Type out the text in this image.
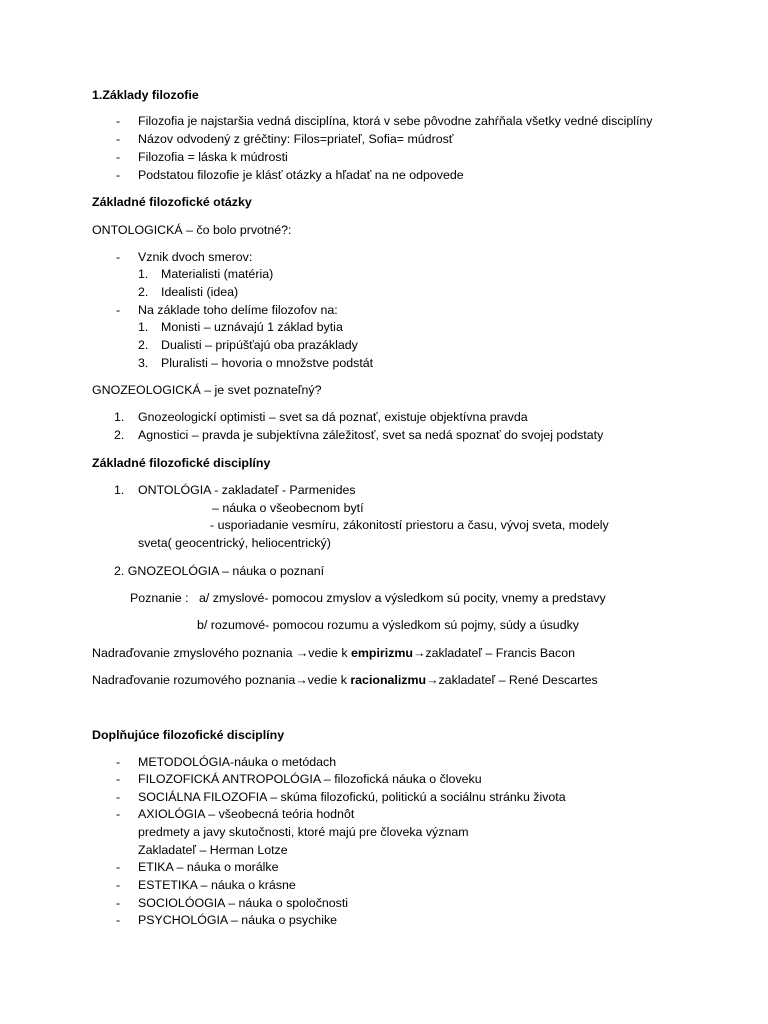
1.Základy filozofie
- Filozofia je najstaršia vedná disciplína, ktorá v sebe pôvodne zahŕňala všetky vedné disciplíny
- Názov odvodený z gréčtiny: Filos=priateľ, Sofia= múdrosť
- Filozofia = láska k múdrosti
- Podstatou filozofie je klásť otázky a hľadať na ne odpovede
Základné filozofické otázky
ONTOLOGICKÁ – čo bolo prvotné?:
- Vznik dvoch smerov:
1. Materialisti (matéria)
2. Idealisti (idea)
- Na základe toho delíme filozofov na:
1. Monisti – uznávajú 1 základ bytia
2. Dualisti – pripúšťajú oba prazáklady
3. Pluralisti – hovoria o množstve podstát
GNOZEOLOGICKÁ – je svet poznateľný?
1. Gnozeologickí optimisti – svet sa dá poznať, existuje objektívna pravda
2. Agnostici – pravda je subjektívna záležitosť, svet sa nedá spoznať do svojej podstaty
Základné filozofické disciplíny
1. ONTOLÓGIA - zakladateľ - Parmenides
– náuka o všeobecnom bytí
- usporiadanie vesmíru, zákonitostí priestoru a času, vývoj sveta, modely
sveta( geocentrický, heliocentrický)
2. GNOZEOLÓGIA – náuka o poznaní
Poznanie : a/ zmyslové- pomocou zmyslov a výsledkom sú pocity, vnemy a predstavy
b/ rozumové- pomocou rozumu a výsledkom sú pojmy, súdy a úsudky
Nadraďovanie zmyslového poznania →vedie k empirizmu→zakladateľ – Francis Bacon
Nadraďovanie rozumového poznania→vedie k racionalizmu→zakladateľ – René Descartes
Doplňujúce filozofické disciplíny
- METODOLÓGIA-náuka o metódach
- FILOZOFICKÁ ANTROPOLÓGIA – filozofická náuka o človeku
- SOCIÁLNA FILOZOFIA – skúma filozofickú, politickú a sociálnu stránku života
- AXIOLÓGIA – všeobecná teória hodnôt
predmety a javy skutočnosti, ktoré majú pre človeka význam
Zakladateľ – Herman Lotze
- ETIKA – náuka o morálke
- ESTETIKA – náuka o krásne
- SOCIOLÓOGIA – náuka o spoločnosti
- PSYCHOLÓGIA – náuka o psychike
